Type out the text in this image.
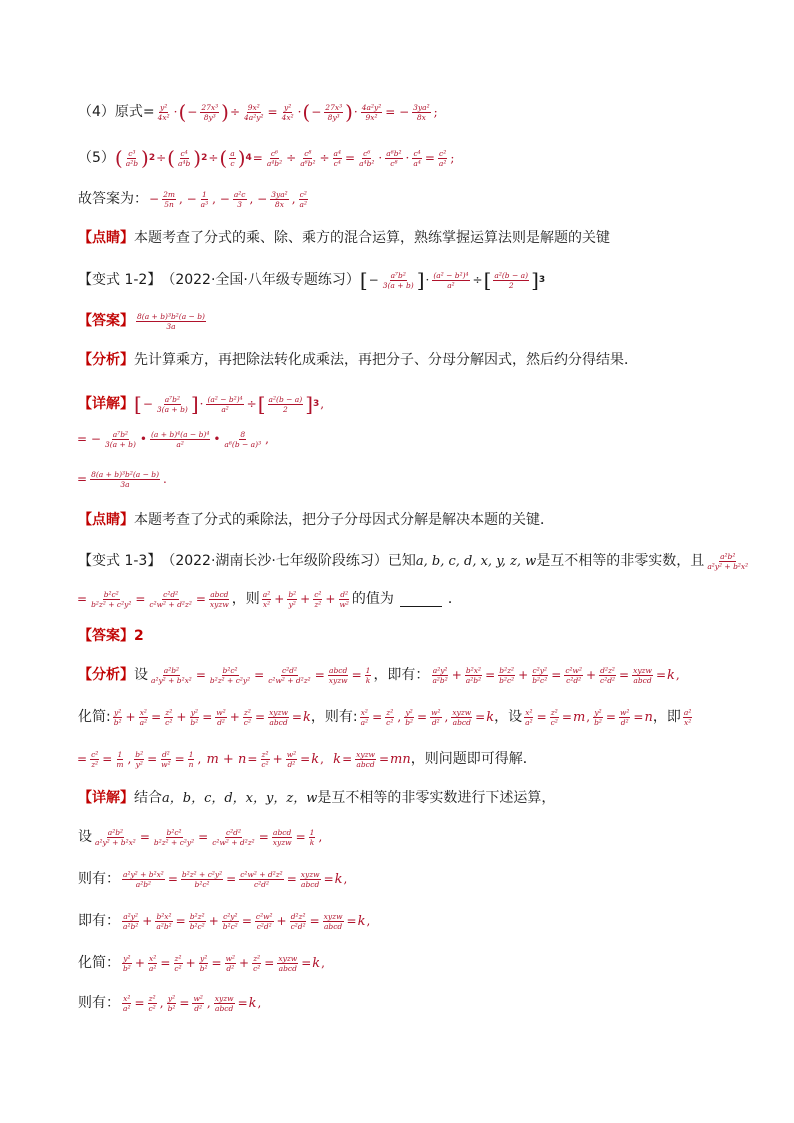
（4）原式= $\frac{\text{y²}}{\text{4x²}}$ · ( − $\frac{\text{27x³}}{\text{8y³}}$ ) ÷ $\frac{\text{9x²}}{\text{4a²y²}} = \frac{\text{y²}}{\text{4x²}}$ · ( − $\frac{\text{27x³}}{\text{8y³}}$ ) · $\frac{\text{4a²y²}}{\text{9x²}}$ = − $\frac{\text{3ya²}}{8x}$ ;
（5） ( $\frac{\text{c³}}{\text{a²b}}$ ) 2 ÷ ( $\frac{\text{c⁴}}{\text{a⁴b}}$ ) 2 ÷ ( $\frac{a}{c}$ ) $4 = \frac{\text{c⁶}}{\text{a⁴b²}} \div \frac{\text{c⁸}}{\text{a⁶b²}} \div \frac{\text{a⁴}}{\text{c⁴}} = \frac{\text{c⁶}}{\text{a⁴b²}} \cdot \frac{\text{a⁶b²}}{\text{c⁸}} \cdot \frac{\text{c⁴}}{\text{a⁴}} = \frac{\text{c²}}{\text{a²}}$ ;
故答案为： − $\frac{2m}{5n}$ , − $\frac{1}{\text{a³}}$ , − $\frac{\text{a²c}}{3}$ , − $\frac{\text{3ya²}}{8x}$ , $\frac{\text{c²}}{\text{a²}}$
【点睛】 本题考查了分式的乘、除、乘方的混合运算，熟练掌握运算法则是解题的关键
【变式 1-2】 （2022·全国·八年级专题练习） [ − $\frac{\text{a⁷b²}}{3(a + b)}$ ] · $\frac{\text{(a² − b²)⁴}}{\text{a²}}$ ÷ [ $\frac{\text{a²(b − a)}}{2}$ ] 3
【答案】 $\frac{\text{8(a + b)³b²(a − b)}}{3a}$
【分析】 先计算乘方，再把除法转化成乘法，再把分子、分母分解因式，然后约分得结果．
【详解】 [ − $\frac{\text{a⁷b²}}{3(a + b)}$ ] · $\frac{\text{(a² − b²)⁴}}{\text{a²}}$ ÷ [ $\frac{\text{a²(b − a)}}{2}$ ] 3 ,
= − $\frac{\text{a⁷b²}}{3(a + b)}$ • $\frac{\text{(a + b)⁴(a − b)⁴}}{\text{a²}}$ • $\frac{8}{\text{a⁶(b − a)³}}$ ,
= $\frac{\text{8(a + b)³b²(a − b)}}{3a}$ .
【点睛】 本题考查了分式的乘除法，把分子分母因式分解是解决本题的关键．
【变式 1-3】 （2022·湖南长沙·七年级阶段练习） 已知 a, b, c, d, x, y, z, w 是互不相等的非零实数，且 $\frac{\text{a²b²}}{\text{a²y² + b²x²}}$
= $\frac{\text{b²c²}}{\text{b²z² + c²y²}} = \frac{\text{c²d²}}{\text{c²w² + d²z²}} = \frac{\text{abcd}}{\text{xyzw}}$ ，则 $\frac{\text{a²}}{\text{x²}} + \frac{\text{b²}}{\text{y²}} + \frac{\text{c²}}{\text{z²}} + \frac{\text{d²}}{\text{w²}}$ 的值为	．
【答案】 2
【分析】 设 $\frac{\text{a²b²}}{\text{a²y² + b²x²}} = \frac{\text{b²c²}}{\text{b²z² + c²y²}} = \frac{\text{c²d²}}{\text{c²w² + d²z²}} = \frac{\text{abcd}}{\text{xyzw}} = \frac{1}{k}$ ，即有： $\frac{\text{a²y²}}{\text{a²b²}} + \frac{\text{b²x²}}{\text{a²b²}} = \frac{\text{b²z²}}{\text{b²c²}} + \frac{\text{c²y²}}{\text{b²c²}} = \frac{\text{c²w²}}{\text{c²d²}} + \frac{\text{d²z²}}{\text{c²d²}} = \frac{\text{xyzw}}{\text{abcd}} = k$ ,
化简: $\frac{\text{y²}}{\text{b²}} + \frac{\text{x²}}{\text{a²}} = \frac{\text{z²}}{\text{c²}} + \frac{\text{y²}}{\text{b²}} = \frac{\text{w²}}{\text{d²}} + \frac{\text{z²}}{\text{c²}} = \frac{\text{xyzw}}{\text{abcd}} = k$ ，则有: $\frac{\text{x²}}{\text{a²}} = \frac{\text{z²}}{\text{c²}}$ , $\frac{\text{y²}}{\text{b²}} = \frac{\text{w²}}{\text{d²}}$ , $\frac{\text{xyzw}}{\text{abcd}} = k$ ，设 $\frac{\text{x²}}{\text{a²}} = \frac{\text{z²}}{\text{c²}} = m$ , $\frac{\text{y²}}{\text{b²}} = \frac{\text{w²}}{\text{d²}} = n$ ，即 $\frac{\text{a²}}{\text{x²}}$
= $\frac{\text{c²}}{\text{z²}} = \frac{1}{m}$ , $\frac{\text{b²}}{\text{y²}} = \frac{\text{d²}}{\text{w²}} = \frac{1}{n}$ , $m + n = \frac{\text{z²}}{\text{c²}} + \frac{\text{w²}}{\text{d²}} = k$ , $k = \frac{\text{xyzw}}{\text{abcd}}$ = mn ，则问题即可得解．
【详解】 结合 a，b，c，d，x，y，z，w 是互不相等的非零实数进行下述运算，
设 $\frac{\text{a²b²}}{\text{a²y² + b²x²}} = \frac{\text{b²c²}}{\text{b²z² + c²y²}} = \frac{\text{c²d²}}{\text{c²w² + d²z²}} = \frac{\text{abcd}}{\text{xyzw}} = \frac{1}{k}$ ,
则有： $\frac{\text{a²y² + b²x²}}{\text{a²b²}} = \frac{\text{b²z² + c²y²}}{\text{b²c²}} = \frac{\text{c²w² + d²z²}}{\text{c²d²}} = \frac{\text{xyzw}}{\text{abcd}} = k$ ,
即有： $\frac{\text{a²y²}}{\text{a²b²}} + \frac{\text{b²x²}}{\text{a²b²}} = \frac{\text{b²z²}}{\text{b²c²}} + \frac{\text{c²y²}}{\text{b²c²}} = \frac{\text{c²w²}}{\text{c²d²}} + \frac{\text{d²z²}}{\text{c²d²}} = \frac{\text{xyzw}}{\text{abcd}} = k$ ,
化简： $\frac{\text{y²}}{\text{b²}} + \frac{\text{x²}}{\text{a²}} = \frac{\text{z²}}{\text{c²}} + \frac{\text{y²}}{\text{b²}} = \frac{\text{w²}}{\text{d²}} + \frac{\text{z²}}{\text{c²}} = \frac{\text{xyzw}}{\text{abcd}} = k$ ,
则有： $\frac{\text{x²}}{\text{a²}} = \frac{\text{z²}}{\text{c²}}$ , $\frac{\text{y²}}{\text{b²}} = \frac{\text{w²}}{\text{d²}}$ , $\frac{\text{xyzw}}{\text{abcd}} = k$ ,
